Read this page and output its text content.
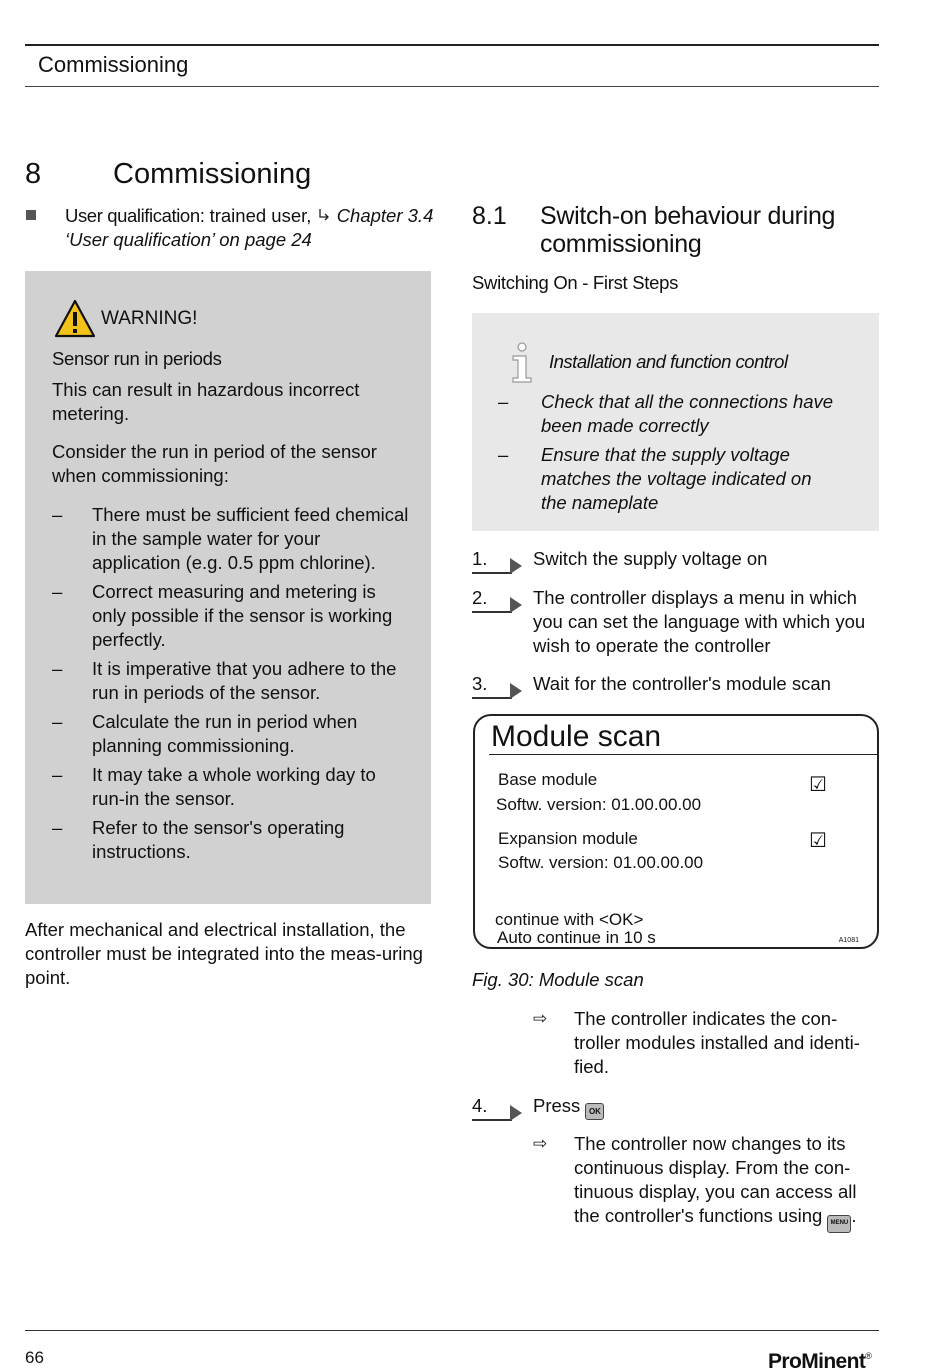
Commissioning
8 Commissioning
User qualification: trained user,  Chapter 3.4 ‘User qualification’ on page 24
WARNING!
Sensor run in periods
This can result in hazardous incorrect metering.
Consider the run in period of the sensor when commissioning:
– There must be sufficient feed chemical in the sample water for your application (e.g. 0.5 ppm chlorine).
– Correct measuring and metering is only possible if the sensor is working perfectly.
– It is imperative that you adhere to the run in periods of the sensor.
– Calculate the run in period when planning commissioning.
– It may take a whole working day to run-in the sensor.
– Refer to the sensor's operating instructions.
After mechanical and electrical installation, the controller must be integrated into the meas-uring point.
8.1 Switch-on behaviour during commissioning
Switching On - First Steps
Installation and function control
– Check that all the connections have been made correctly
– Ensure that the supply voltage matches the voltage indicated on the nameplate
1. Switch the supply voltage on
2. The controller displays a menu in which you can set the language with which you wish to operate the controller
3. Wait for the controller's module scan
Module scan
Base module	☑
Softw. version: 01.00.00.00
Expansion module	☑
Softw. version: 01.00.00.00
continue with <OK>
Auto continue in 10 s	A1081
Fig. 30: Module scan
⇨ The controller indicates the con-troller modules installed and identi-fied.
4. Press OK
⇨ The controller now changes to its continuous display. From the con-tinuous display, you can access all the controller's functions using MENU .
66	ProMinent®
